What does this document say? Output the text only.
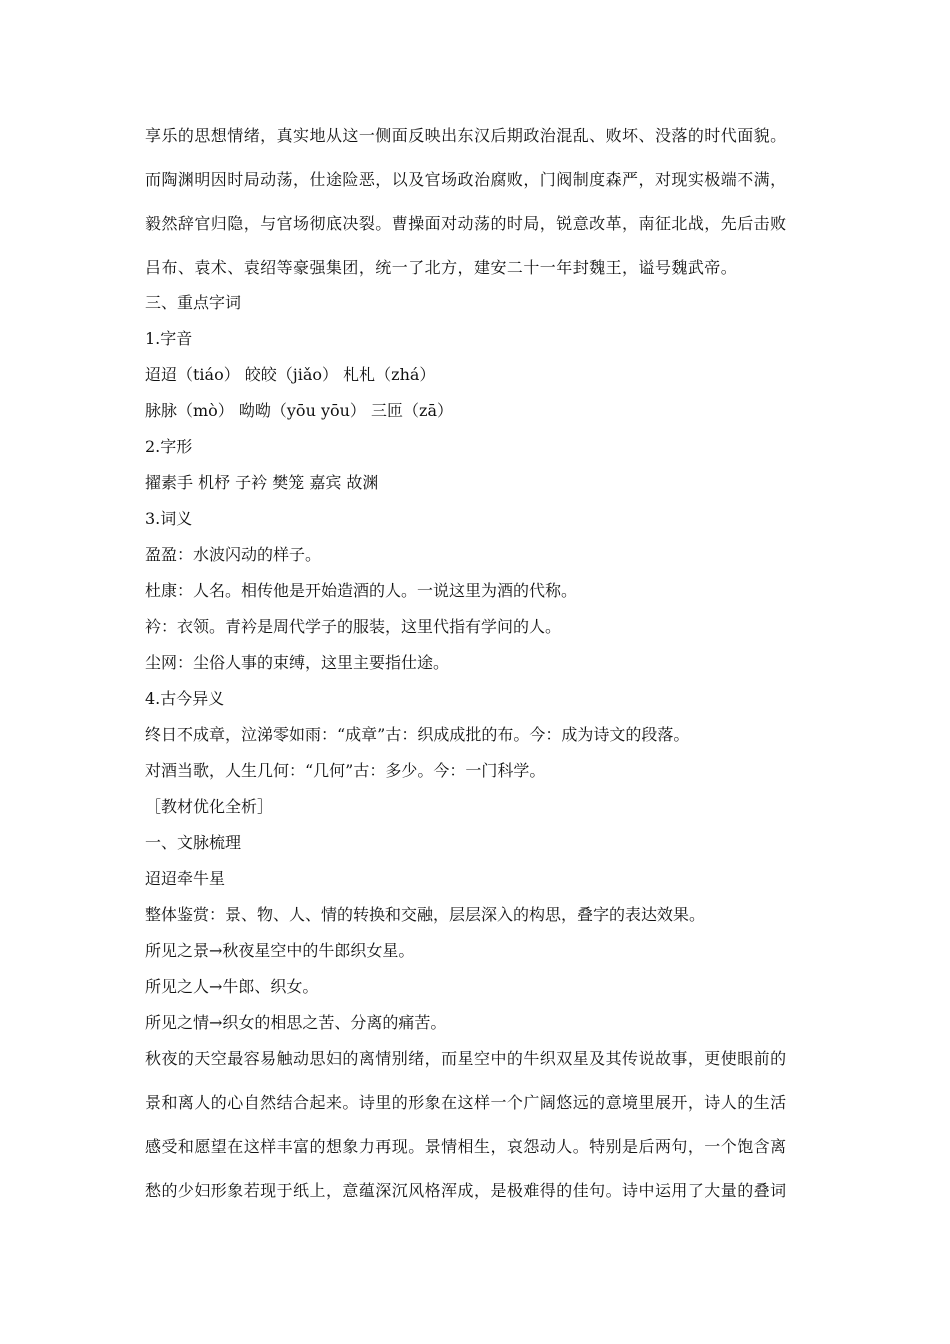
享乐的思想情绪，真实地从这一侧面反映出东汉后期政治混乱、败坏、没落的时代面貌。
而陶渊明因时局动荡，仕途险恶，以及官场政治腐败，门阀制度森严，对现实极端不满，
毅然辞官归隐，与官场彻底决裂。曹操面对动荡的时局，锐意改革，南征北战，先后击败
吕布、袁术、袁绍等豪强集团，统一了北方，建安二十一年封魏王，谥号魏武帝。
三、重点字词
1.字音
迢迢（tiáo） 皎皎（jiǎo） 札札（zhá）
脉脉（mò） 呦呦（yōu yōu） 三匝（zā）
2.字形
擢素手 机杼 子衿 樊笼 嘉宾 故渊
3.词义
盈盈：水波闪动的样子。
杜康：人名。相传他是开始造酒的人。一说这里为酒的代称。
衿：衣领。青衿是周代学子的服装，这里代指有学问的人。
尘网：尘俗人事的束缚，这里主要指仕途。
4.古今异义
终日不成章，泣涕零如雨：“成章”古：织成成批的布。今：成为诗文的段落。
对酒当歌，人生几何：“几何”古：多少。今：一门科学。
［教材优化全析］
一、文脉梳理
迢迢牵牛星
整体鉴赏：景、物、人、情的转换和交融，层层深入的构思，叠字的表达效果。
所见之景→秋夜星空中的牛郎织女星。
所见之人→牛郎、织女。
所见之情→织女的相思之苦、分离的痛苦。
秋夜的天空最容易触动思妇的离情别绪，而星空中的牛织双星及其传说故事，更使眼前的
景和离人的心自然结合起来。诗里的形象在这样一个广阔悠远的意境里展开，诗人的生活
感受和愿望在这样丰富的想象力再现。景情相生，哀怨动人。特别是后两句，一个饱含离
愁的少妇形象若现于纸上，意蕴深沉风格浑成，是极难得的佳句。诗中运用了大量的叠词
